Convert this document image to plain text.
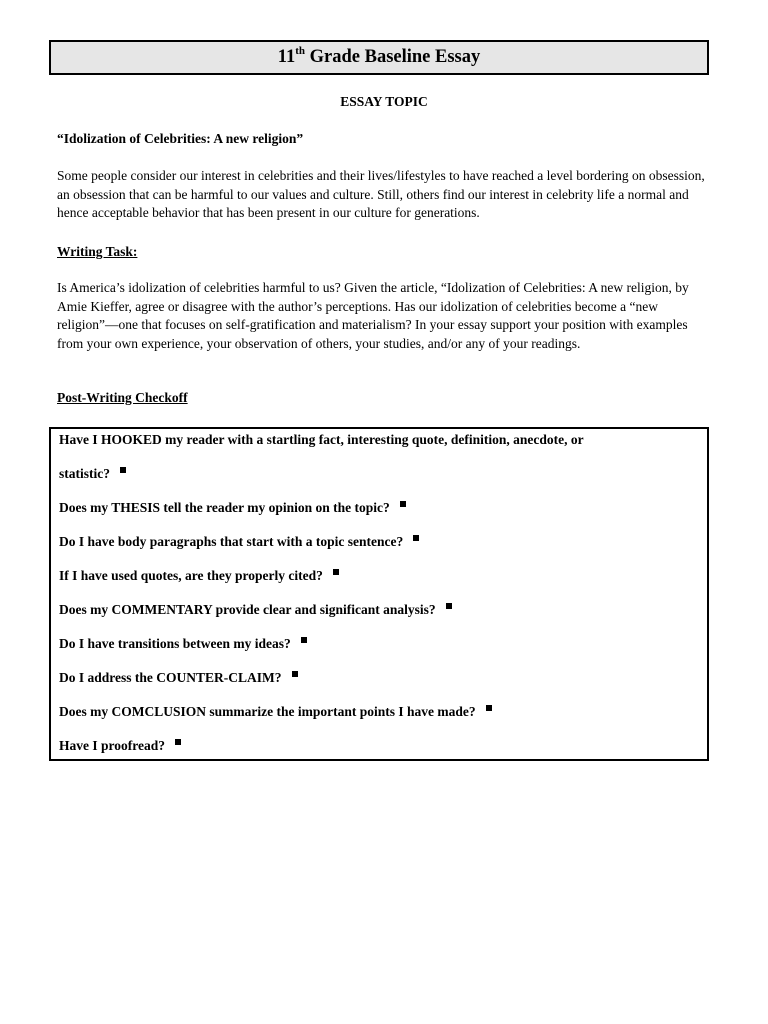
11th Grade Baseline Essay
ESSAY TOPIC
“Idolization of Celebrities: A new religion”
Some people consider our interest in celebrities and their lives/lifestyles to have reached a level bordering on obsession, an obsession that can be harmful to our values and culture. Still, others find our interest in celebrity life a normal and hence acceptable behavior that has been present in our culture for generations.
Writing Task:
Is America’s idolization of celebrities harmful to us? Given the article, “Idolization of Celebrities: A new religion, by Amie Kieffer, agree or disagree with the author’s perceptions. Has our idolization of celebrities become a “new religion”—one that focuses on self-gratification and materialism? In your essay support your position with examples from your own experience, your observation of others, your studies, and/or any of your readings.
Post-Writing Checkoff
Have I HOOKED my reader with a startling fact, interesting quote, definition, anecdote, or
statistic?
Does my THESIS tell the reader my opinion on the topic?
Do I have body paragraphs that start with a topic sentence?
If I have used quotes, are they properly cited?
Does my COMMENTARY provide clear and significant analysis?
Do I have transitions between my ideas?
Do I address the COUNTER-CLAIM?
Does my COMCLUSION summarize the important points I have made?
Have I proofread?
